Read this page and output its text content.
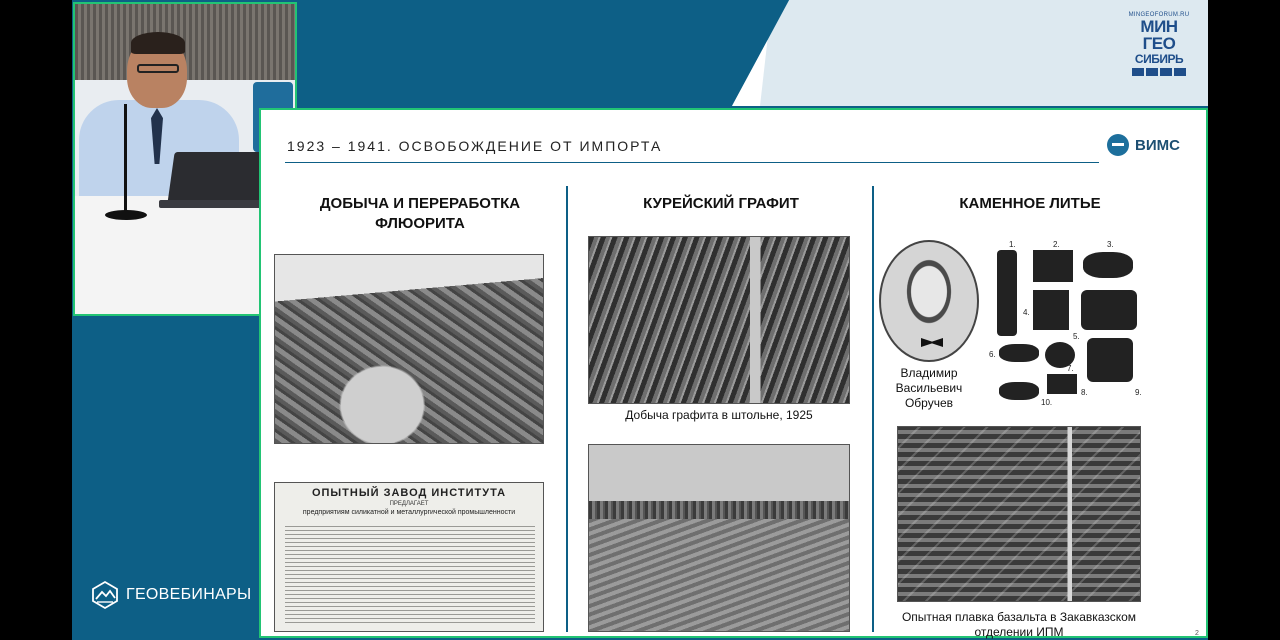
MINGEOFORUM.RU
МИН
ГЕО
СИБИРЬ
ГЕОВЕБИНАРЫ
1923 – 1941. ОСВОБОЖДЕНИЕ ОТ ИМПОРТА	ВИМС
ДОБЫЧА И ПЕРЕРАБОТКА ФЛЮОРИТА
ОПЫТНЫЙ ЗАВОД ИНСТИТУТА
ПРЕДЛАГАЕТ
предприятиям силикатной и металлургической промышленности
КУРЕЙСКИЙ ГРАФИТ
Добыча графита в штольне, 1925
КАМЕННОЕ ЛИТЬЕ
Владимир Васильевич Обручев
1.	2.	3.
4.
5.
6.
7.
8.	9.
10.
Опытная плавка базальта в Закавказском отделении ИПМ	2
